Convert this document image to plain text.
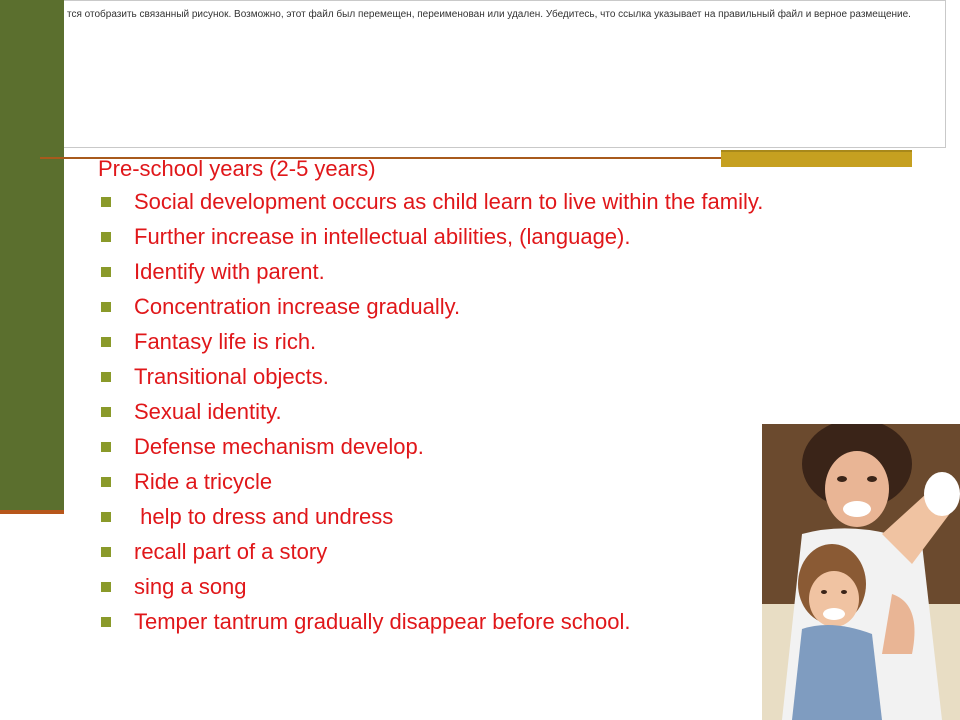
тся отобразить связанный рисунок. Возможно, этот файл был перемещен, переименован или удален. Убедитесь, что ссылка указывает на правильный файл и верное размещение.
Pre-school years (2-5 years)
Social development occurs as child learn to live within the family.
Further increase in intellectual abilities, (language).
Identify with parent.
Concentration increase gradually.
Fantasy life is rich.
Transitional objects.
Sexual identity.
Defense mechanism develop.
Ride a tricycle
help to dress and undress
recall part of a story
sing a song
Temper tantrum gradually disappear before school.
